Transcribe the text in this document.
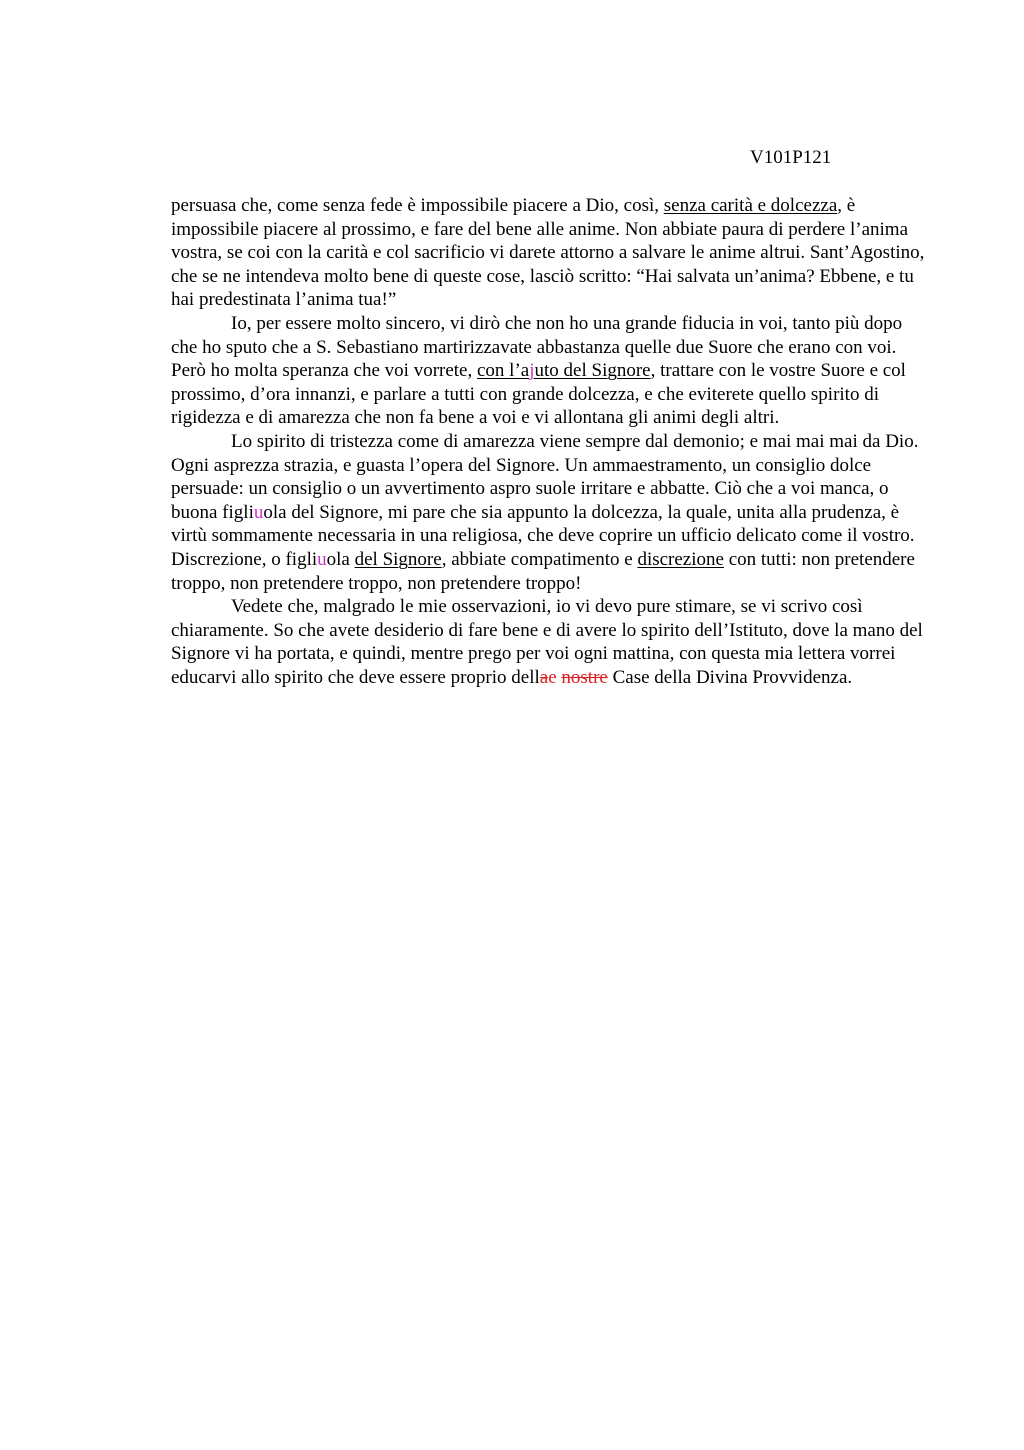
V101P121

persuasa che, come senza fede è impossibile piacere a Dio, così, senza carità e dolcezza, è impossibile piacere al prossimo, e fare del bene alle anime. Non abbiate paura di perdere l’anima vostra, se coi con la carità e col sacrificio vi darete attorno a salvare le anime altrui. Sant’Agostino, che se ne intendeva molto bene di queste cose, lasciò scritto: “Hai salvata un’anima? Ebbene, e tu hai predestinata l’anima tua!”

Io, per essere molto sincero, vi dirò che non ho una grande fiducia in voi, tanto più dopo che ho sputo che a S. Sebastiano martirizzavate abbastanza quelle due Suore che erano con voi. Però ho molta speranza che voi vorrete, con l’ajuto del Signore, trattare con le vostre Suore e col prossimo, d’ora innanzi, e parlare a tutti con grande dolcezza, e che eviterete quello spirito di rigidezza e di amarezza che non fa bene a voi e vi allontana gli animi degli altri.

Lo spirito di tristezza come di amarezza viene sempre dal demonio; e mai mai mai da Dio. Ogni asprezza strazia, e guasta l’opera del Signore. Un ammaestramento, un consiglio dolce persuade: un consiglio o un avvertimento aspro suole irritare e abbatte. Ciò che a voi manca, o buona figliuola del Signore, mi pare che sia appunto la dolcezza, la quale, unita alla prudenza, è virtù sommamente necessaria in una religiosa, che deve coprire un ufficio delicato come il vostro. Discrezione, o figliuola del Signore, abbiate compatimento e discrezione con tutti: non pretendere troppo, non pretendere troppo, non pretendere troppo!

Vedete che, malgrado le mie osservazioni, io vi devo pure stimare, se vi scrivo così chiaramente. So che avete desiderio di fare bene e di avere lo spirito dell’Istituto, dove la mano del Signore vi ha portata, e quindi, mentre prego per voi ogni mattina, con questa mia lettera vorrei educarvi allo spirito che deve essere proprio dellae nostre Case della Divina Provvidenza.
